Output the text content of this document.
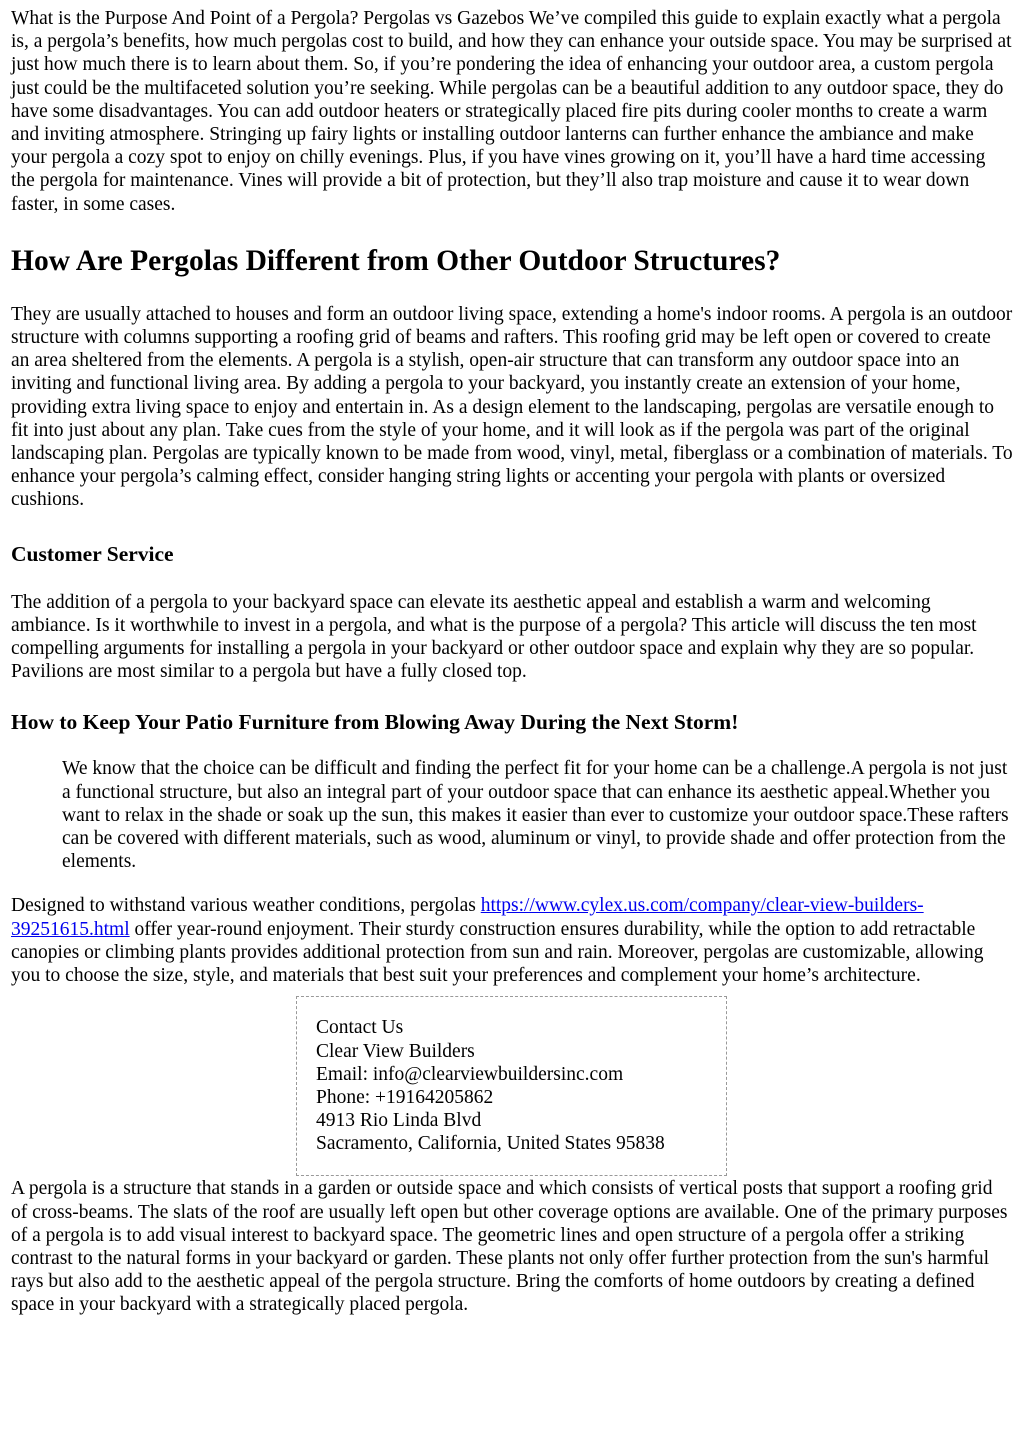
What is the Purpose And Point of a Pergola? Pergolas vs Gazebos We’ve compiled this guide to explain exactly what a pergola is, a pergola’s benefits, how much pergolas cost to build, and how they can enhance your outside space. You may be surprised at just how much there is to learn about them. So, if you’re pondering the idea of enhancing your outdoor area, a custom pergola just could be the multifaceted solution you’re seeking. While pergolas can be a beautiful addition to any outdoor space, they do have some disadvantages. You can add outdoor heaters or strategically placed fire pits during cooler months to create a warm and inviting atmosphere. Stringing up fairy lights or installing outdoor lanterns can further enhance the ambiance and make your pergola a cozy spot to enjoy on chilly evenings. Plus, if you have vines growing on it, you’ll have a hard time accessing the pergola for maintenance. Vines will provide a bit of protection, but they’ll also trap moisture and cause it to wear down faster, in some cases.

How Are Pergolas Different from Other Outdoor Structures?

They are usually attached to houses and form an outdoor living space, extending a home's indoor rooms. A pergola is an outdoor structure with columns supporting a roofing grid of beams and rafters. This roofing grid may be left open or covered to create an area sheltered from the elements. A pergola is a stylish, open-air structure that can transform any outdoor space into an inviting and functional living area. By adding a pergola to your backyard, you instantly create an extension of your home, providing extra living space to enjoy and entertain in. As a design element to the landscaping, pergolas are versatile enough to fit into just about any plan. Take cues from the style of your home, and it will look as if the pergola was part of the original landscaping plan. Pergolas are typically known to be made from wood, vinyl, metal, fiberglass or a combination of materials. To enhance your pergola’s calming effect, consider hanging string lights or accenting your pergola with plants or oversized cushions.

Customer Service

The addition of a pergola to your backyard space can elevate its aesthetic appeal and establish a warm and welcoming ambiance. Is it worthwhile to invest in a pergola, and what is the purpose of a pergola? This article will discuss the ten most compelling arguments for installing a pergola in your backyard or other outdoor space and explain why they are so popular. Pavilions are most similar to a pergola but have a fully closed top.

How to Keep Your Patio Furniture from Blowing Away During the Next Storm!
We know that the choice can be difficult and finding the perfect fit for your home can be a challenge.A pergola is not just a functional structure, but also an integral part of your outdoor space that can enhance its aesthetic appeal.Whether you want to relax in the shade or soak up the sun, this makes it easier than ever to customize your outdoor space.These rafters can be covered with different materials, such as wood, aluminum or vinyl, to provide shade and offer protection from the elements.

Designed to withstand various weather conditions, pergolas https://www.cylex.us.com/company/clear-view-builders-39251615.html offer year-round enjoyment. Their sturdy construction ensures durability, while the option to add retractable canopies or climbing plants provides additional protection from sun and rain. Moreover, pergolas are customizable, allowing you to choose the size, style, and materials that best suit your preferences and complement your home’s architecture.

Contact Us
Clear View Builders
Email: info@clearviewbuildersinc.com
Phone: +19164205862
4913 Rio Linda Blvd
Sacramento, California, United States 95838

A pergola is a structure that stands in a garden or outside space and which consists of vertical posts that support a roofing grid of cross-beams. The slats of the roof are usually left open but other coverage options are available. One of the primary purposes of a pergola is to add visual interest to backyard space. The geometric lines and open structure of a pergola offer a striking contrast to the natural forms in your backyard or garden. These plants not only offer further protection from the sun's harmful rays but also add to the aesthetic appeal of the pergola structure. Bring the comforts of home outdoors by creating a defined space in your backyard with a strategically placed pergola.
